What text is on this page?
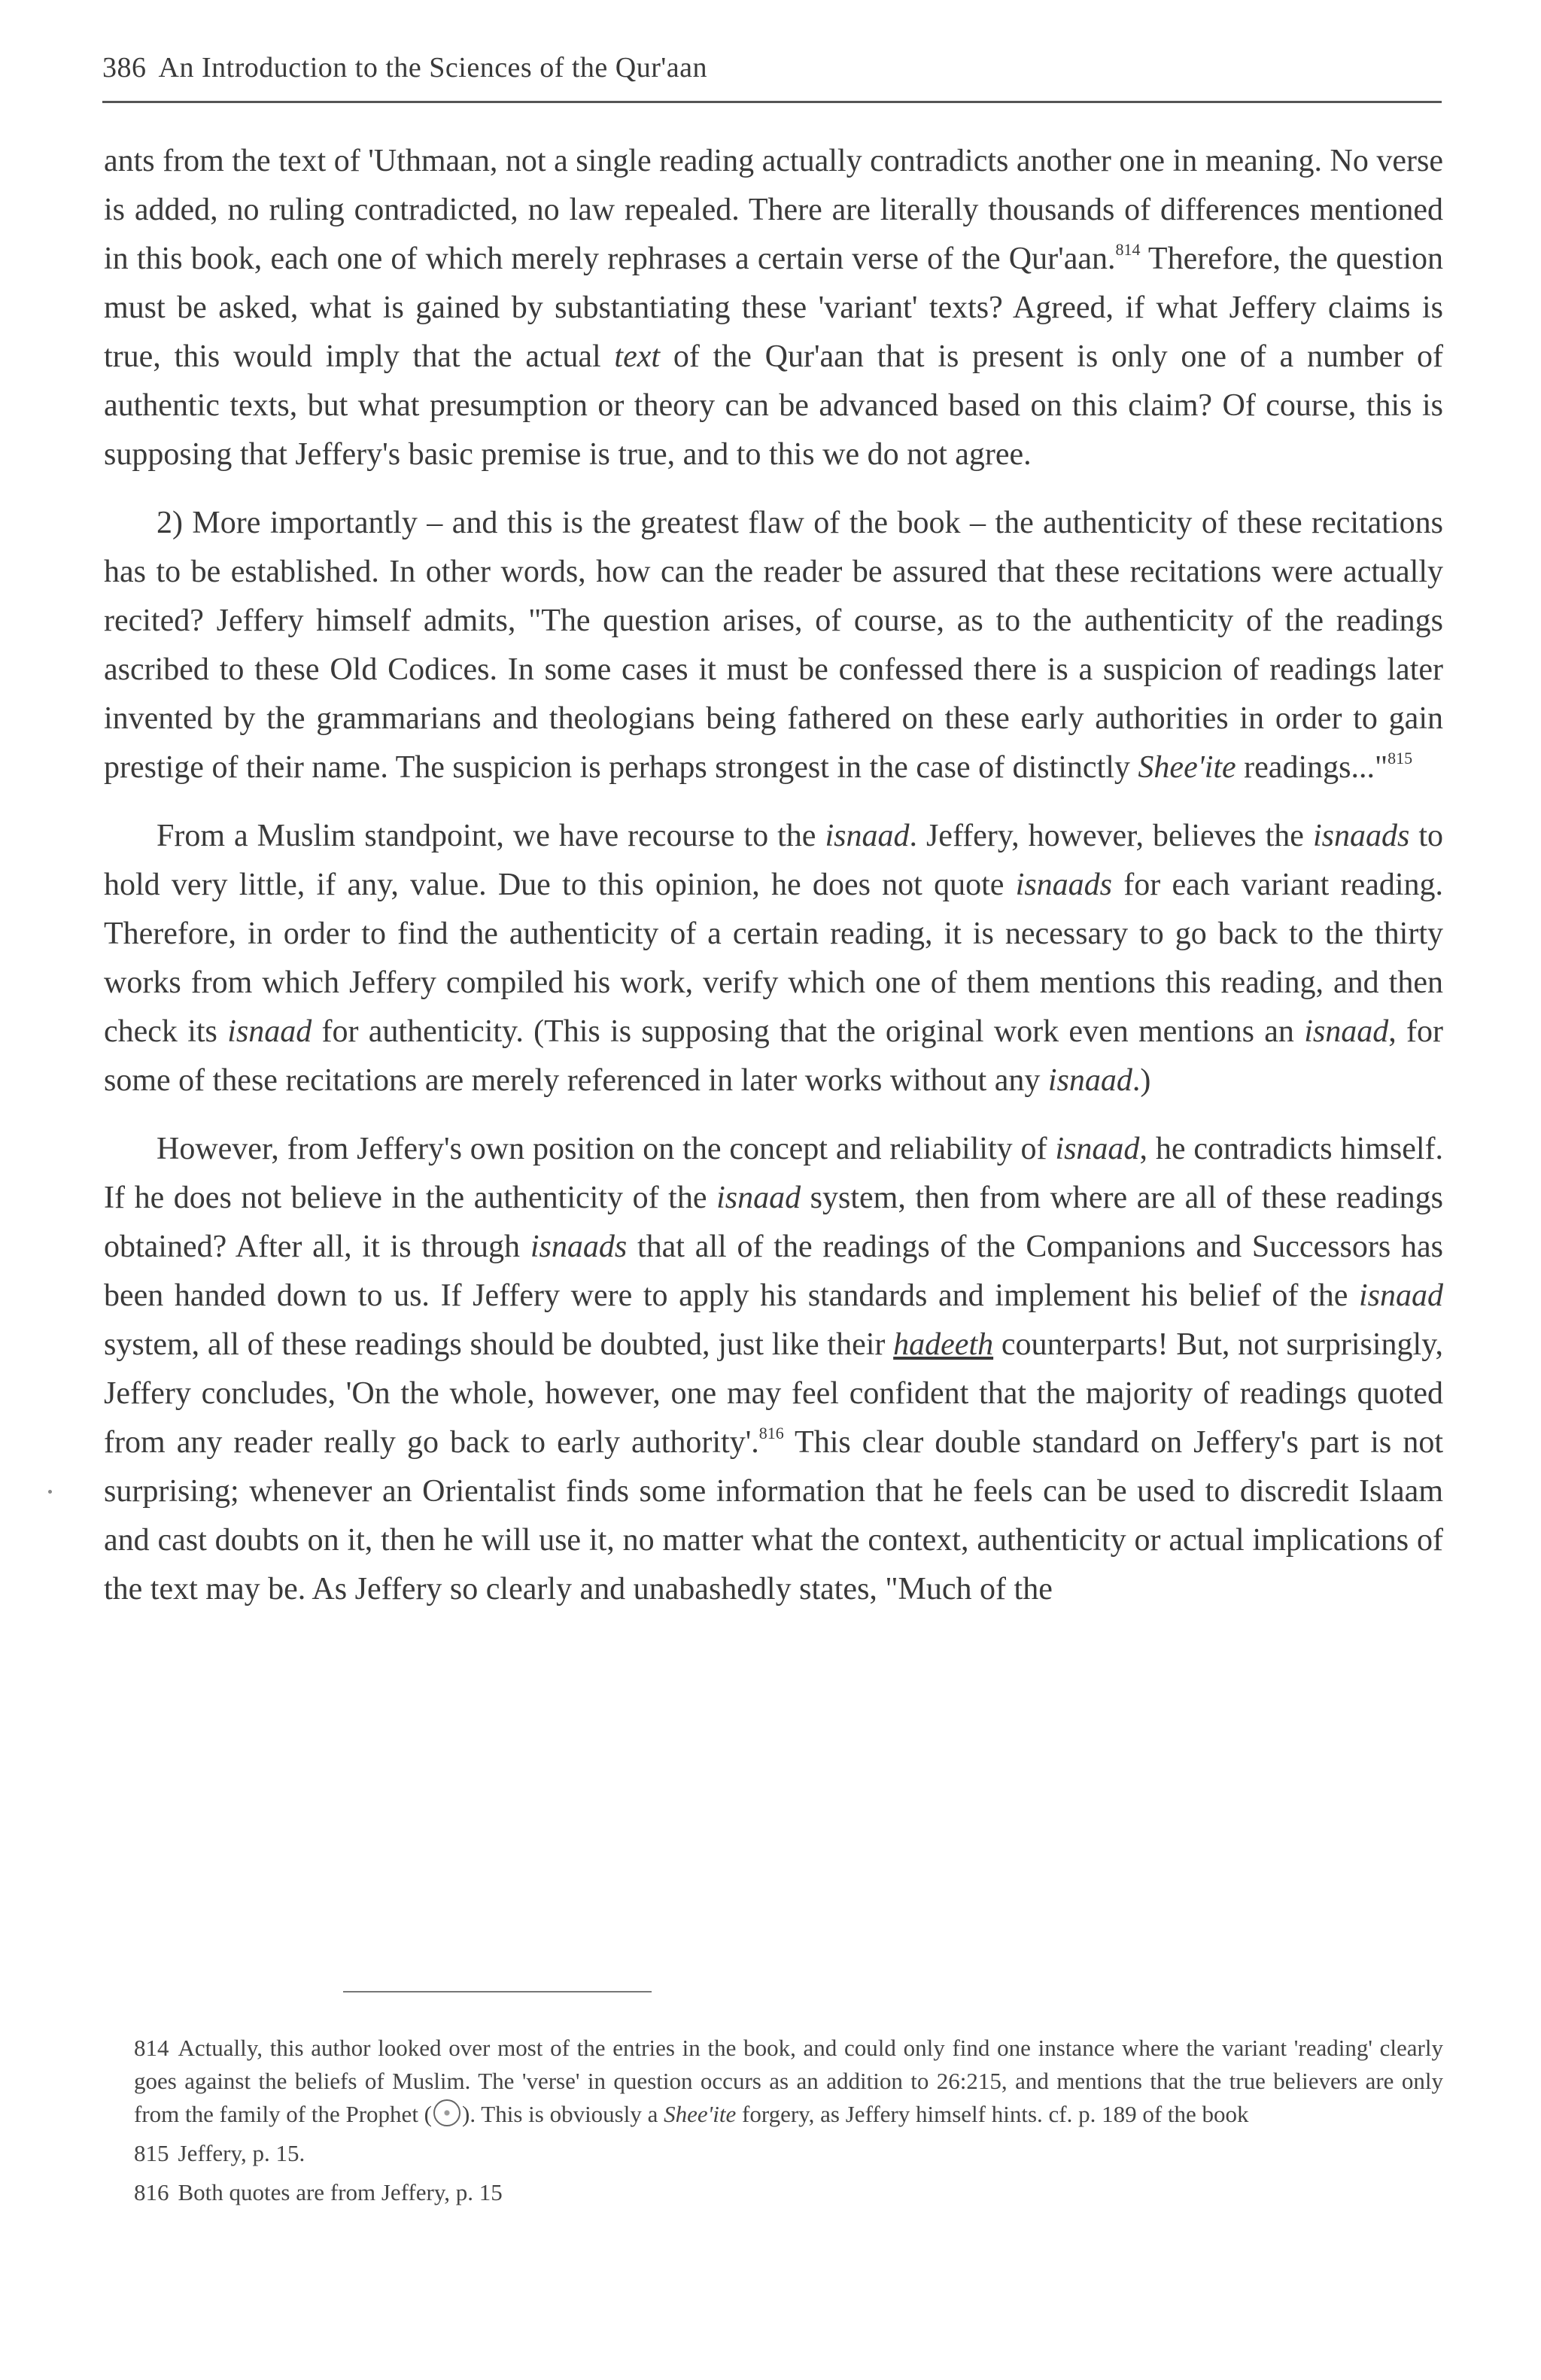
386 An Introduction to the Sciences of the Qur'aan

ants from the text of 'Uthmaan, not a single reading actually contradicts another one in meaning. No verse is added, no ruling contradicted, no law repealed. There are literally thousands of differences mentioned in this book, each one of which merely rephrases a certain verse of the Qur'aan.$^{814}$ Therefore, the question must be asked, what is gained by substantiating these 'variant' texts? Agreed, if what Jeffery claims is true, this would imply that the actual text of the Qur'aan that is present is only one of a number of authentic texts, but what presumption or theory can be advanced based on this claim? Of course, this is supposing that Jeffery's basic premise is true, and to this we do not agree.

2) More importantly – and this is the greatest flaw of the book – the authenticity of these recitations has to be established. In other words, how can the reader be assured that these recitations were actually recited? Jeffery himself admits, "The question arises, of course, as to the authenticity of the readings ascribed to these Old Codices. In some cases it must be confessed there is a suspicion of readings later invented by the grammarians and theologians being fathered on these early authorities in order to gain prestige of their name. The suspicion is perhaps strongest in the case of distinctly Shee'ite readings..."$^{815}$

From a Muslim standpoint, we have recourse to the isnaad. Jeffery, however, believes the isnaads to hold very little, if any, value. Due to this opinion, he does not quote isnaads for each variant reading. Therefore, in order to find the authenticity of a certain reading, it is necessary to go back to the thirty works from which Jeffery compiled his work, verify which one of them mentions this reading, and then check its isnaad for authenticity. (This is supposing that the original work even mentions an isnaad, for some of these recitations are merely referenced in later works without any isnaad.)

However, from Jeffery's own position on the concept and reliability of isnaad, he contradicts himself. If he does not believe in the authenticity of the isnaad system, then from where are all of these readings obtained? After all, it is through isnaads that all of the readings of the Companions and Successors has been handed down to us. If Jeffery were to apply his standards and implement his belief of the isnaad system, all of these readings should be doubted, just like their hadeeth counterparts! But, not surprisingly, Jeffery concludes, 'On the whole, however, one may feel confident that the majority of readings quoted from any reader really go back to early authority'.$^{816}$ This clear double standard on Jeffery's part is not surprising; whenever an Orientalist finds some information that he feels can be used to discredit Islaam and cast doubts on it, then he will use it, no matter what the context, authenticity or actual implications of the text may be. As Jeffery so clearly and unabashedly states, "Much of the

814 Actually, this author looked over most of the entries in the book, and could only find one instance where the variant 'reading' clearly goes against the beliefs of Muslim. The 'verse' in question occurs as an addition to 26:215, and mentions that the true believers are only from the family of the Prophet ( ). This is obviously a Shee'ite forgery, as Jeffery himself hints. cf. p. 189 of the book

815 Jeffery, p. 15.

816 Both quotes are from Jeffery, p. 15
